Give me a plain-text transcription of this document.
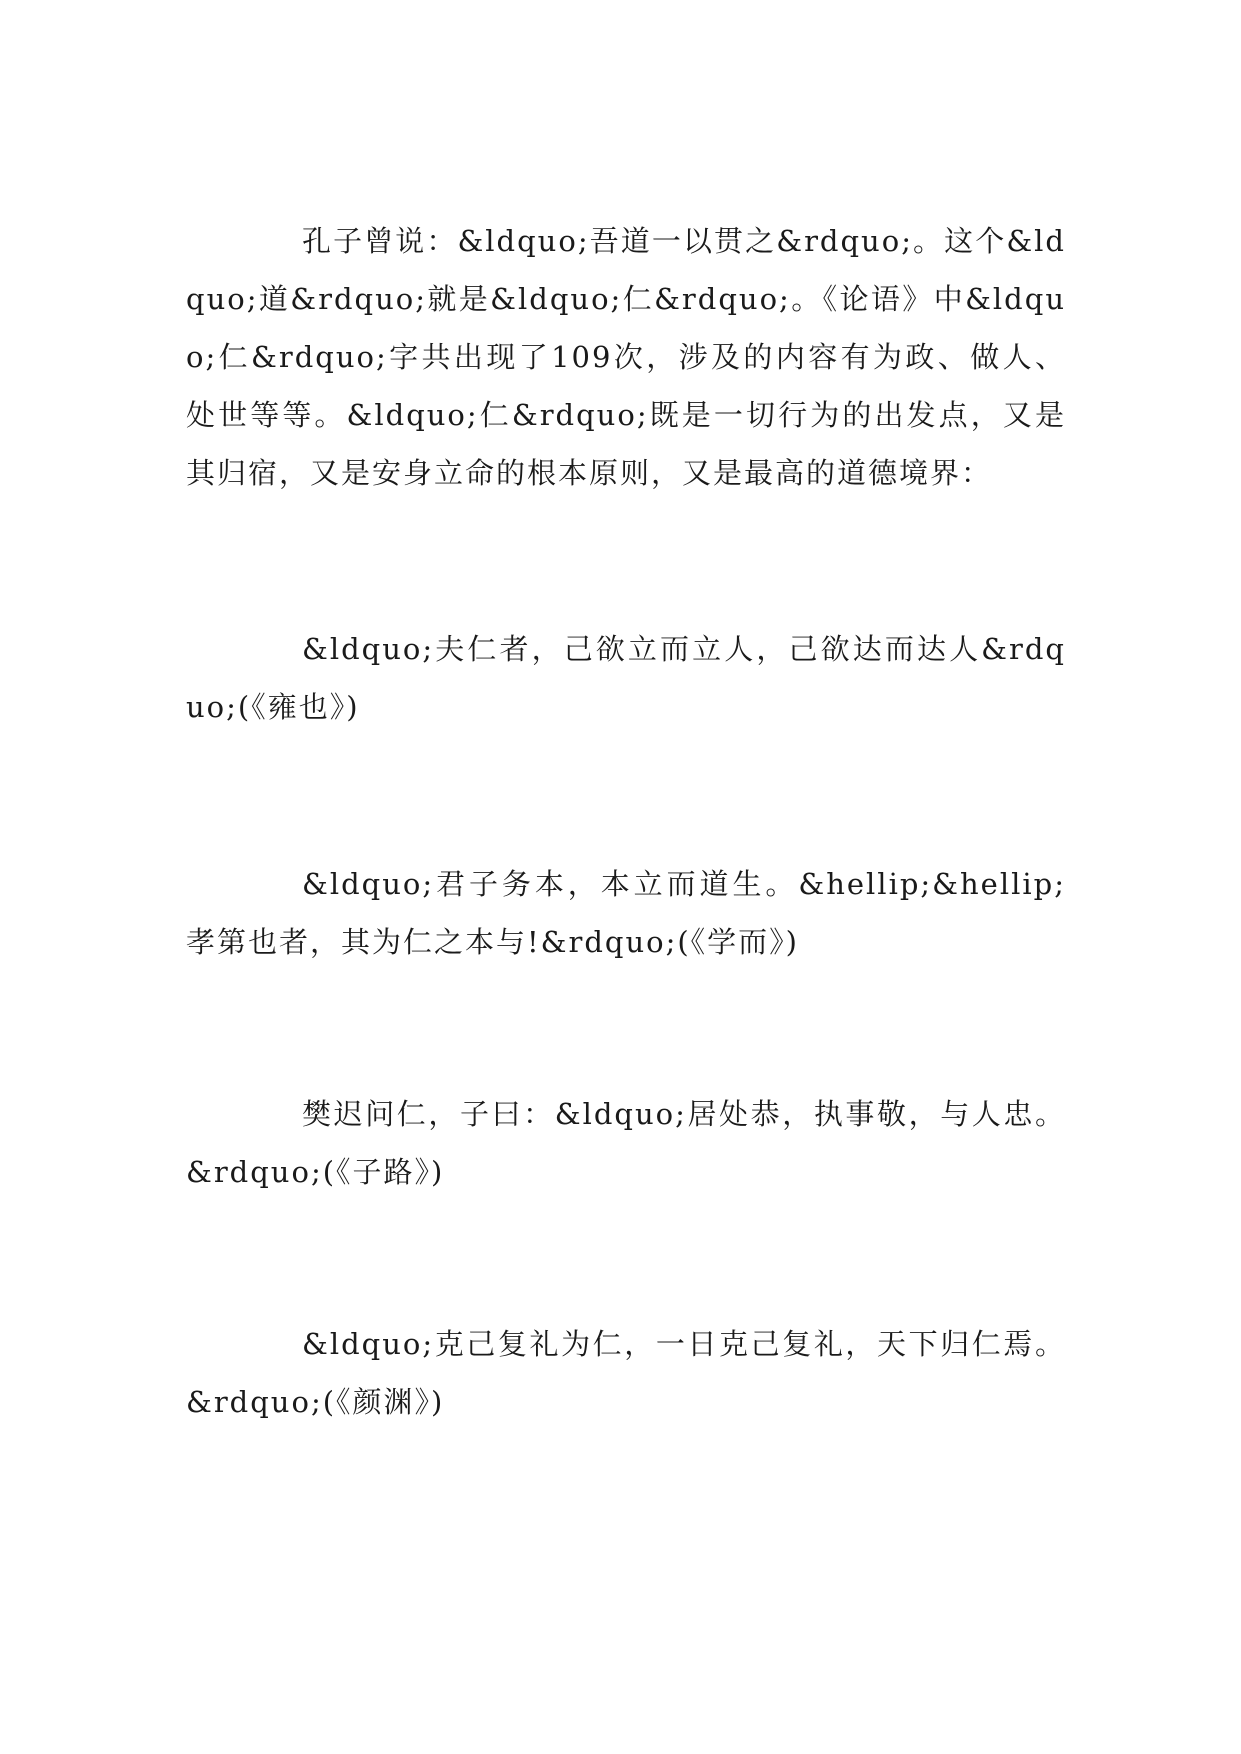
孔子曾说：&ldquo;吾道一以贯之&rdquo;。这个&ldquo;道&rdquo;就是&ldquo;仁&rdquo;。《论语》中&ldquo;仁&rdquo;字共出现了109次，涉及的内容有为政、做人、处世等等。&ldquo;仁&rdquo;既是一切行为的出发点，又是其归宿，又是安身立命的根本原则，又是最高的道德境界：

&ldquo;夫仁者，己欲立而立人，己欲达而达人&rdquo;(《雍也》)

&ldquo;君子务本，本立而道生。&hellip;&hellip;孝第也者，其为仁之本与!&rdquo;(《学而》)

樊迟问仁，子曰：&ldquo;居处恭，执事敬，与人忠。&rdquo;(《子路》)

&ldquo;克己复礼为仁，一日克己复礼，天下归仁焉。&rdquo;(《颜渊》)
